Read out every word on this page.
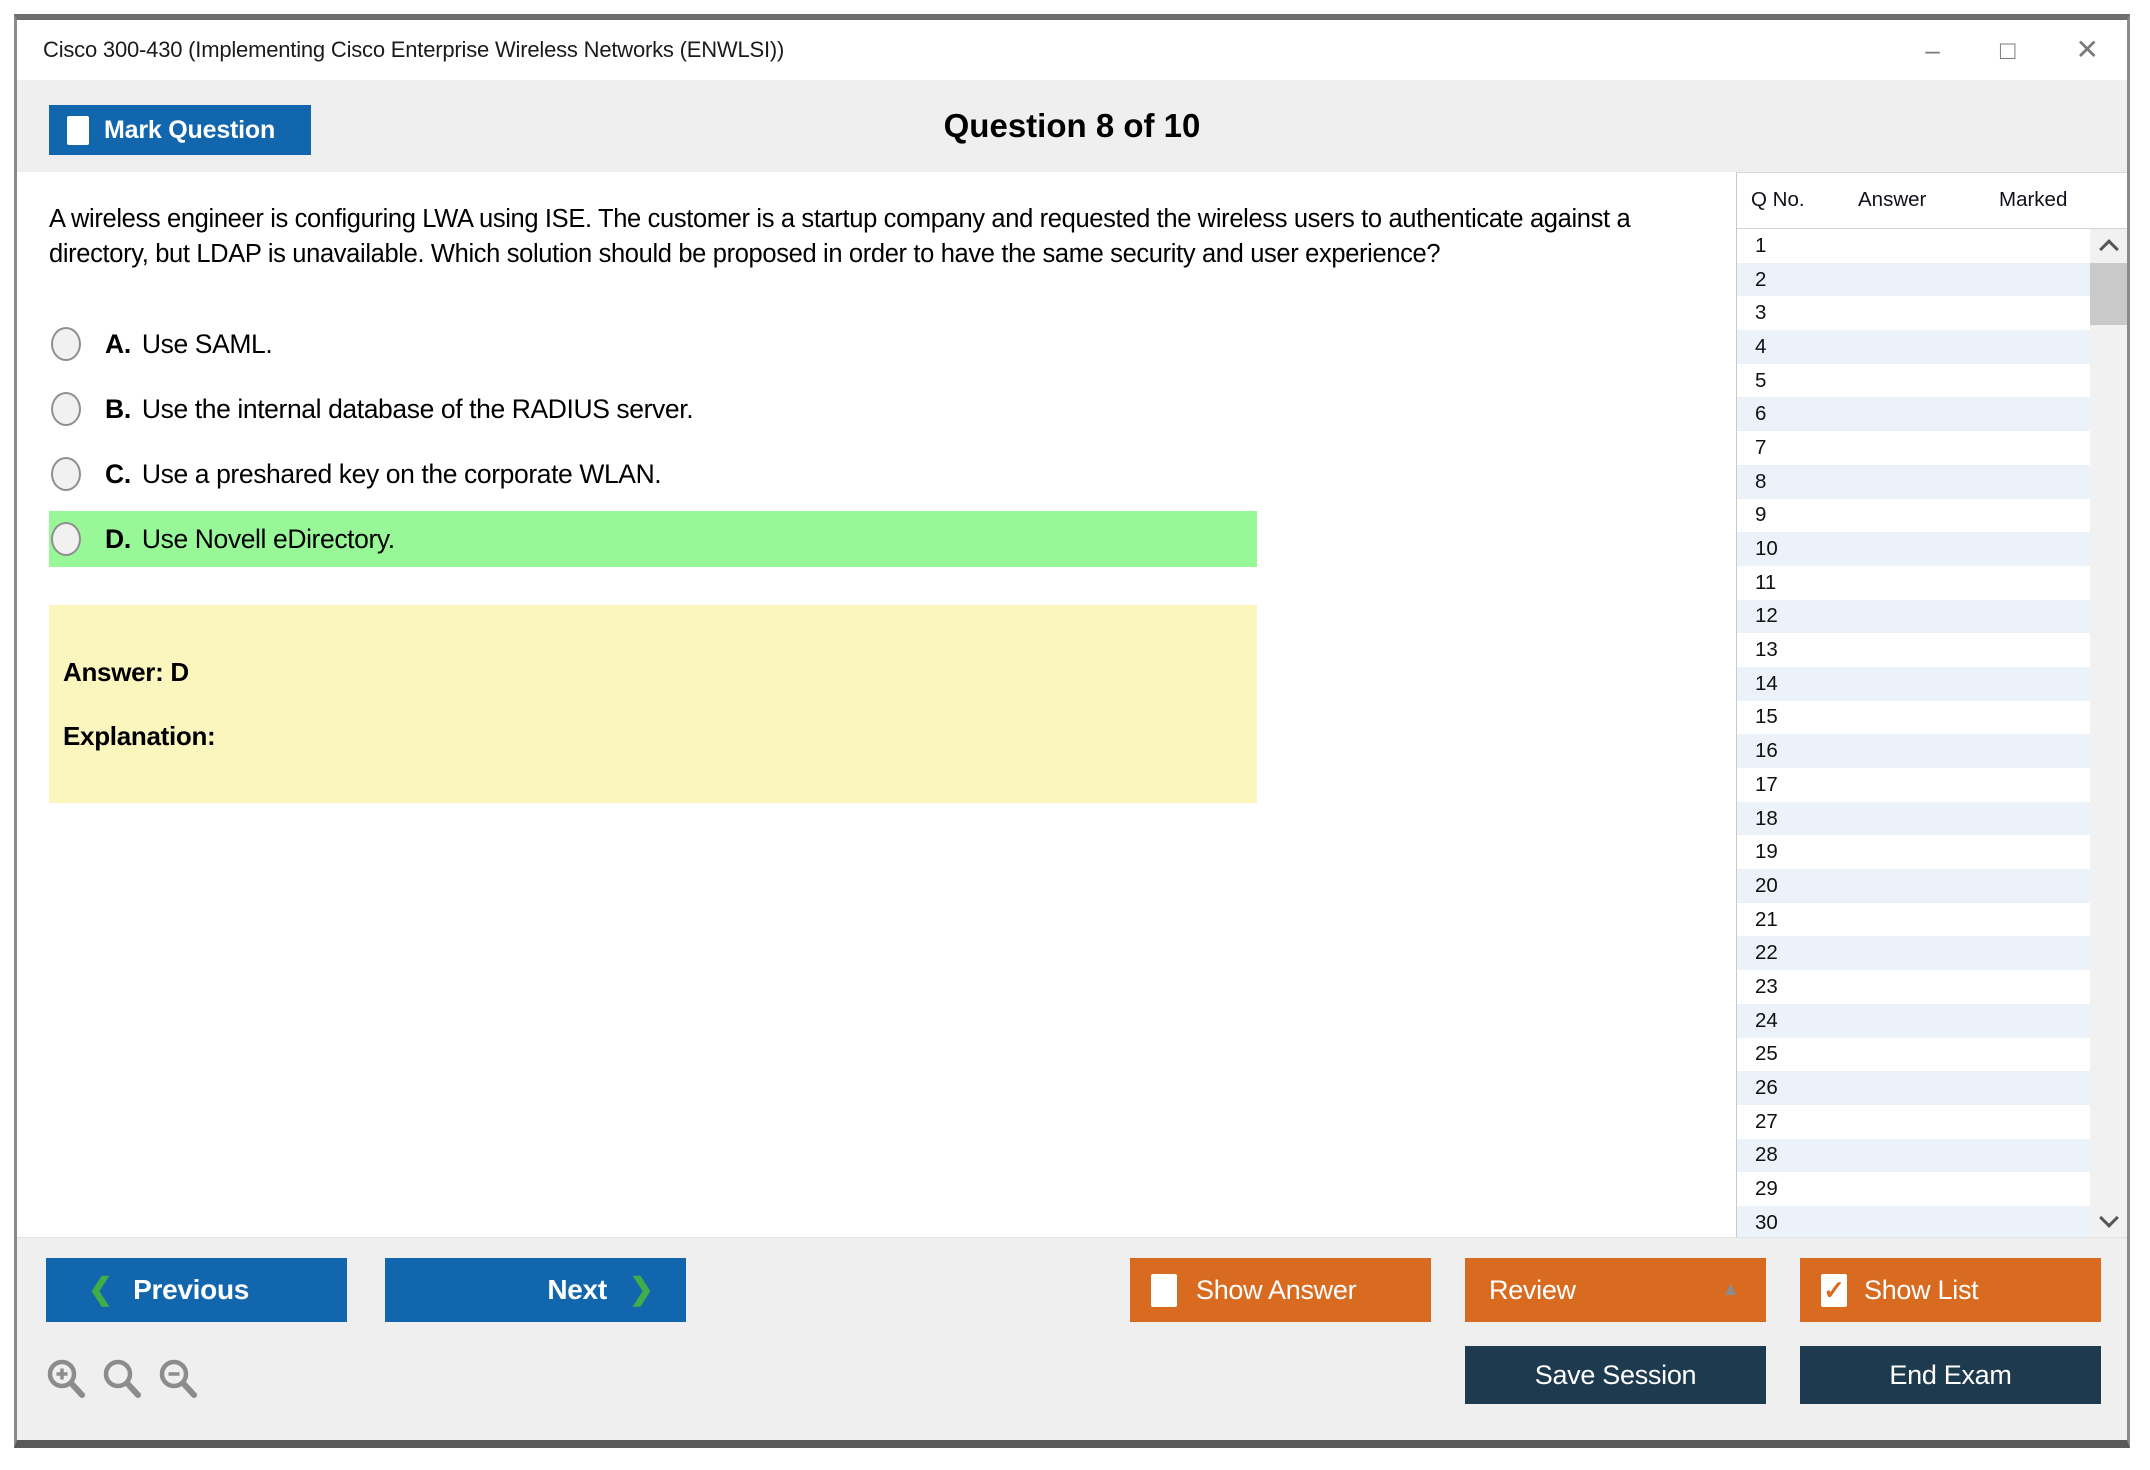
Cisco 300-430 (Implementing Cisco Enterprise Wireless Networks (ENWLSI))	– □ ✕
Question 8 of 10
Mark Question
A wireless engineer is configuring LWA using ISE. The customer is a startup company and requested the wireless users to authenticate against a directory, but LDAP is unavailable. Which solution should be proposed in order to have the same security and user experience?
A. Use SAML.
B. Use the internal database of the RADIUS server.
C. Use a preshared key on the corporate WLAN.
D. Use Novell eDirectory.
Answer: D
Explanation:
Q No.	Answer	Marked
1
2
3
4
5
6
7
8
9
10
11
12
13
14
15
16
17
18
19
20
21
22
23
24
25
26
27
28
29
30
❮ Previous	Next ❯	Show Answer	Review	▲	✓ Show List
Save Session	End Exam
